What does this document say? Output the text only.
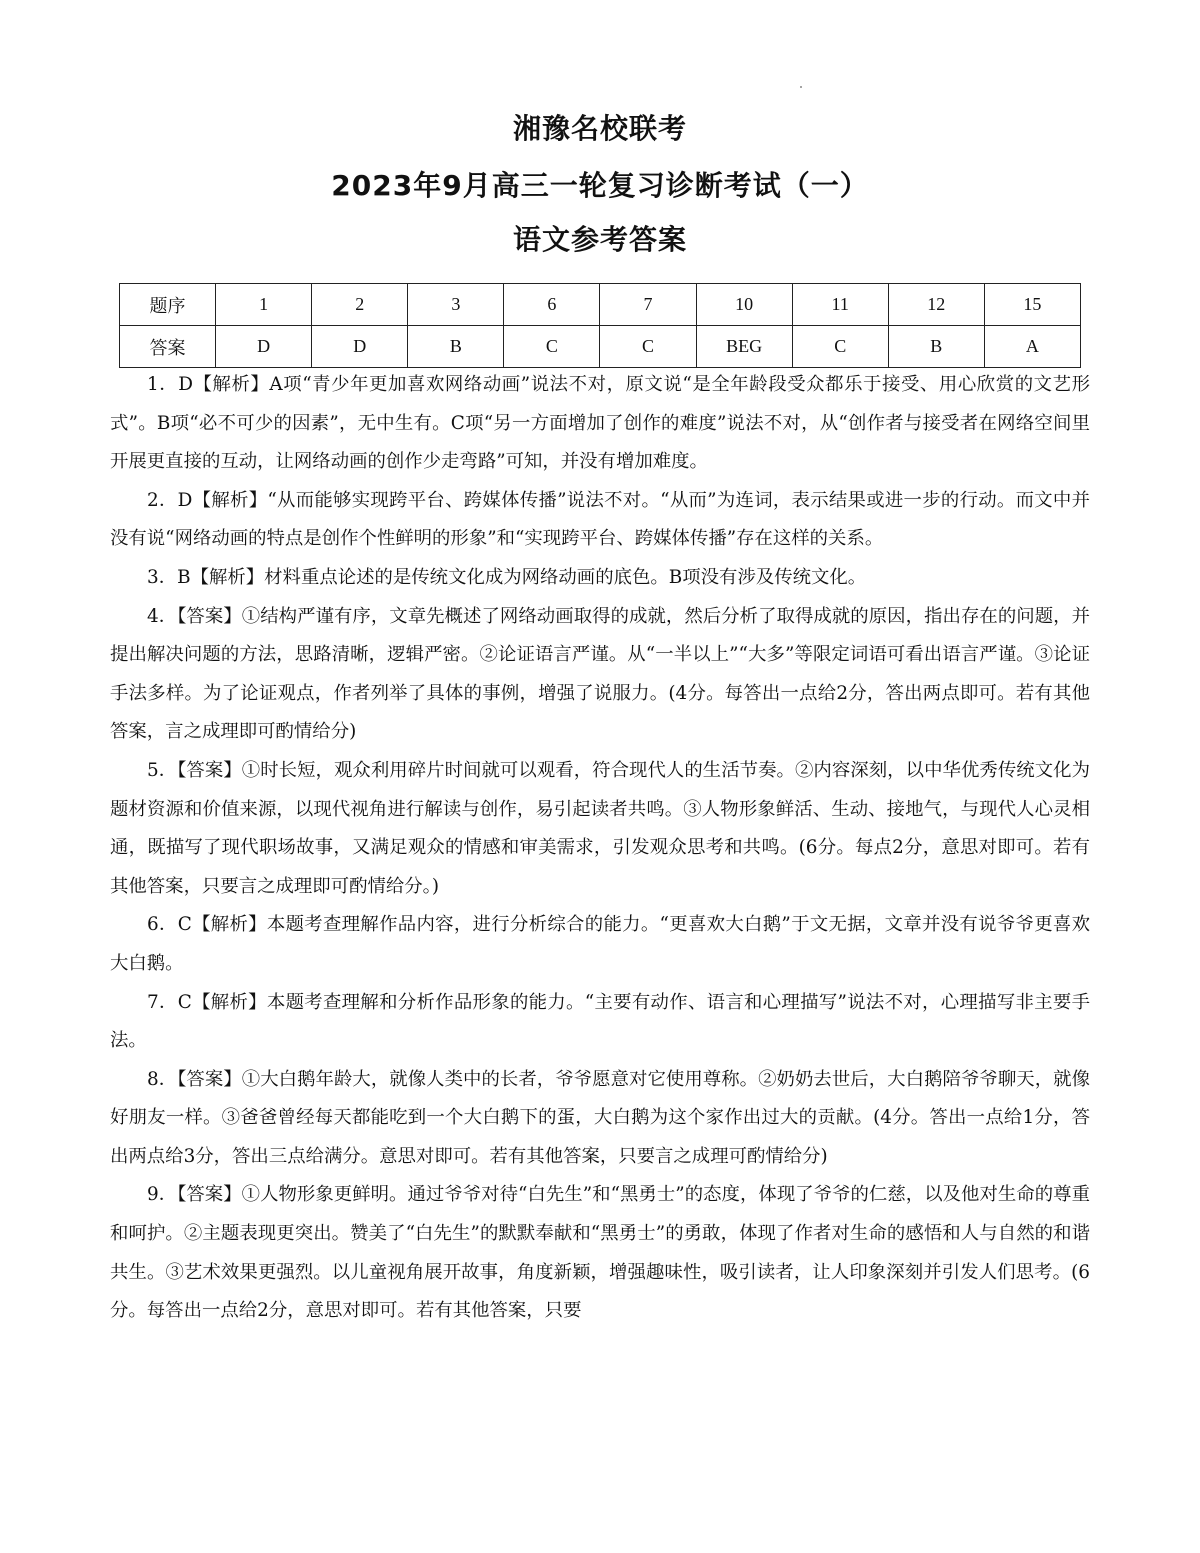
湘豫名校联考

2023年9月高三一轮复习诊断考试（一）

语文参考答案

题序	1	2	3	6	7	10	11	12	15
答案	D	D	B	C	C	BEG	C	B	A

1．D【解析】A项“青少年更加喜欢网络动画”说法不对，原文说“是全年龄段受众都乐于接受、用心欣赏的文艺形式”。B项“必不可少的因素”，无中生有。C项“另一方面增加了创作的难度”说法不对，从“创作者与接受者在网络空间里开展更直接的互动，让网络动画的创作少走弯路”可知，并没有增加难度。

2．D【解析】“从而能够实现跨平台、跨媒体传播”说法不对。“从而”为连词，表示结果或进一步的行动。而文中并没有说“网络动画的特点是创作个性鲜明的形象”和“实现跨平台、跨媒体传播”存在这样的关系。

3．B【解析】材料重点论述的是传统文化成为网络动画的底色。B项没有涉及传统文化。

4．【答案】①结构严谨有序，文章先概述了网络动画取得的成就，然后分析了取得成就的原因，指出存在的问题，并提出解决问题的方法，思路清晰，逻辑严密。②论证语言严谨。从“一半以上”“大多”等限定词语可看出语言严谨。③论证手法多样。为了论证观点，作者列举了具体的事例，增强了说服力。(4分。每答出一点给2分，答出两点即可。若有其他答案，言之成理即可酌情给分)

5．【答案】①时长短，观众利用碎片时间就可以观看，符合现代人的生活节奏。②内容深刻，以中华优秀传统文化为题材资源和价值来源，以现代视角进行解读与创作，易引起读者共鸣。③人物形象鲜活、生动、接地气，与现代人心灵相通，既描写了现代职场故事，又满足观众的情感和审美需求，引发观众思考和共鸣。(6分。每点2分，意思对即可。若有其他答案，只要言之成理即可酌情给分。)

6．C【解析】本题考查理解作品内容，进行分析综合的能力。“更喜欢大白鹅”于文无据，文章并没有说爷爷更喜欢大白鹅。

7．C【解析】本题考查理解和分析作品形象的能力。“主要有动作、语言和心理描写”说法不对，心理描写非主要手法。

8．【答案】①大白鹅年龄大，就像人类中的长者，爷爷愿意对它使用尊称。②奶奶去世后，大白鹅陪爷爷聊天，就像好朋友一样。③爸爸曾经每天都能吃到一个大白鹅下的蛋，大白鹅为这个家作出过大的贡献。(4分。答出一点给1分，答出两点给3分，答出三点给满分。意思对即可。若有其他答案，只要言之成理可酌情给分)

9．【答案】①人物形象更鲜明。通过爷爷对待“白先生”和“黑勇士”的态度，体现了爷爷的仁慈，以及他对生命的尊重和呵护。②主题表现更突出。赞美了“白先生”的默默奉献和“黑勇士”的勇敢，体现了作者对生命的感悟和人与自然的和谐共生。③艺术效果更强烈。以儿童视角展开故事，角度新颖，增强趣味性，吸引读者，让人印象深刻并引发人们思考。(6分。每答出一点给2分，意思对即可。若有其他答案，只要
